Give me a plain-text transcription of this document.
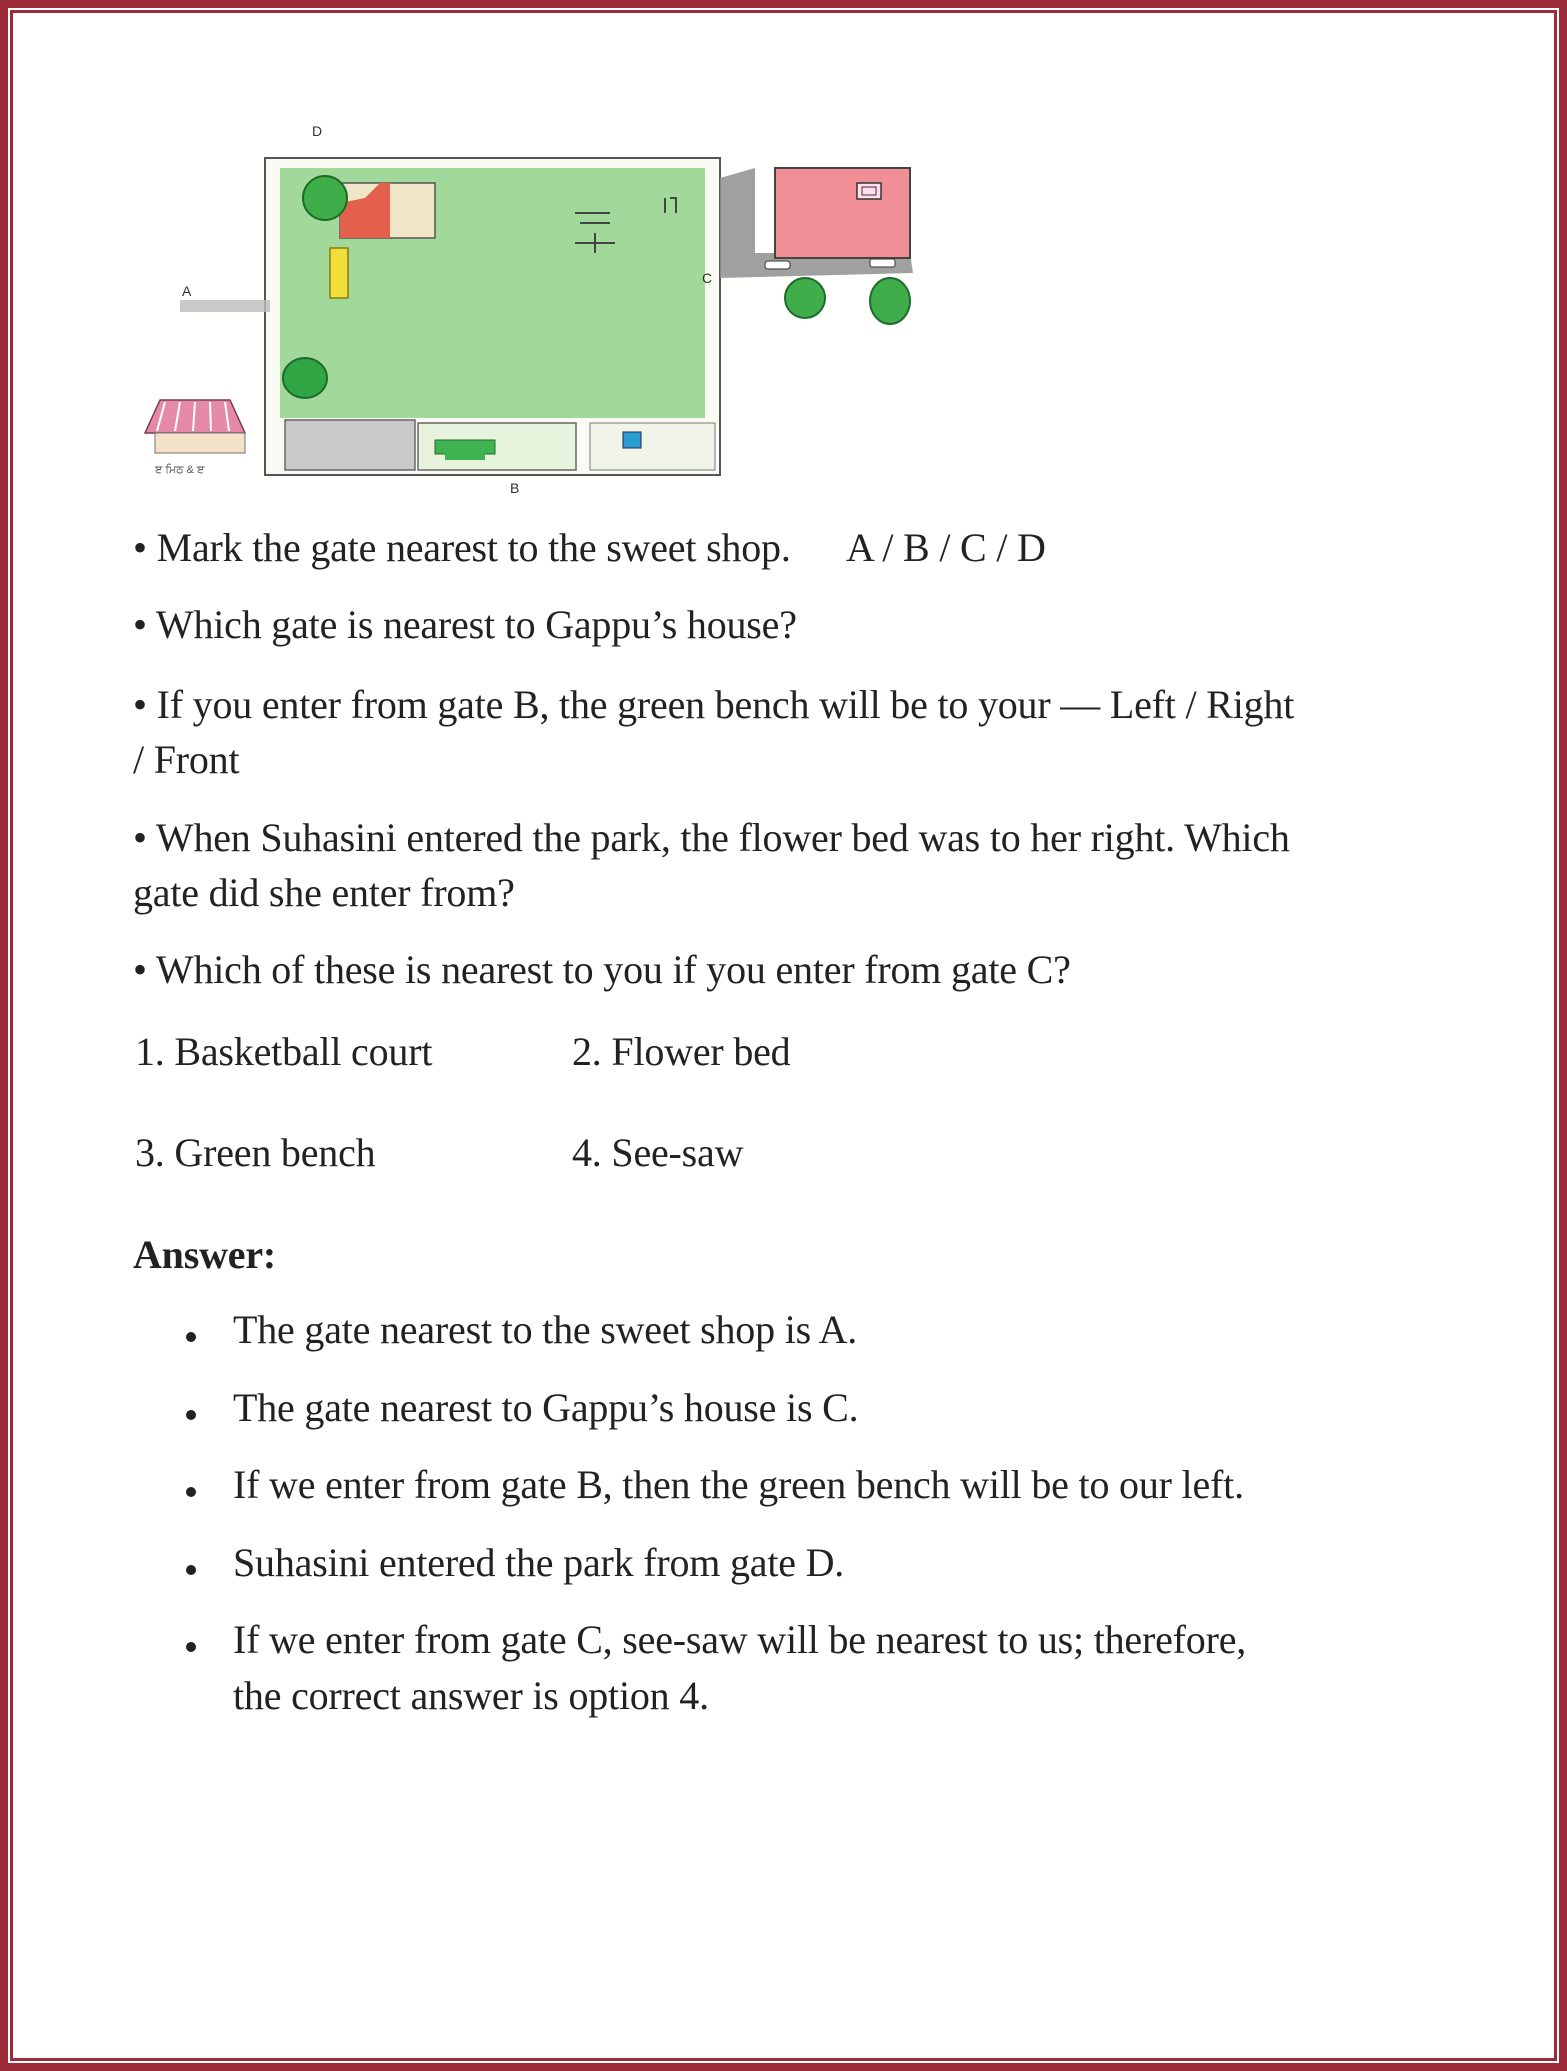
D
A
C
B
ੲ ਮਿਠ & ੲ
• Mark the gate nearest to the sweet shop. A / B / C / D
• Which gate is nearest to Gappu’s house?
• If you enter from gate B, the green bench will be to your — Left / Right
/ Front
• When Suhasini entered the park, the flower bed was to her right. Which
gate did she enter from?
• Which of these is nearest to you if you enter from gate C?
1. Basketball court	2. Flower bed
3. Green bench	4. See-saw
Answer:
The gate nearest to the sweet shop is A.
The gate nearest to Gappu’s house is C.
If we enter from gate B, then the green bench will be to our left.
Suhasini entered the park from gate D.
If we enter from gate C, see-saw will be nearest to us; therefore,
the correct answer is option 4.
